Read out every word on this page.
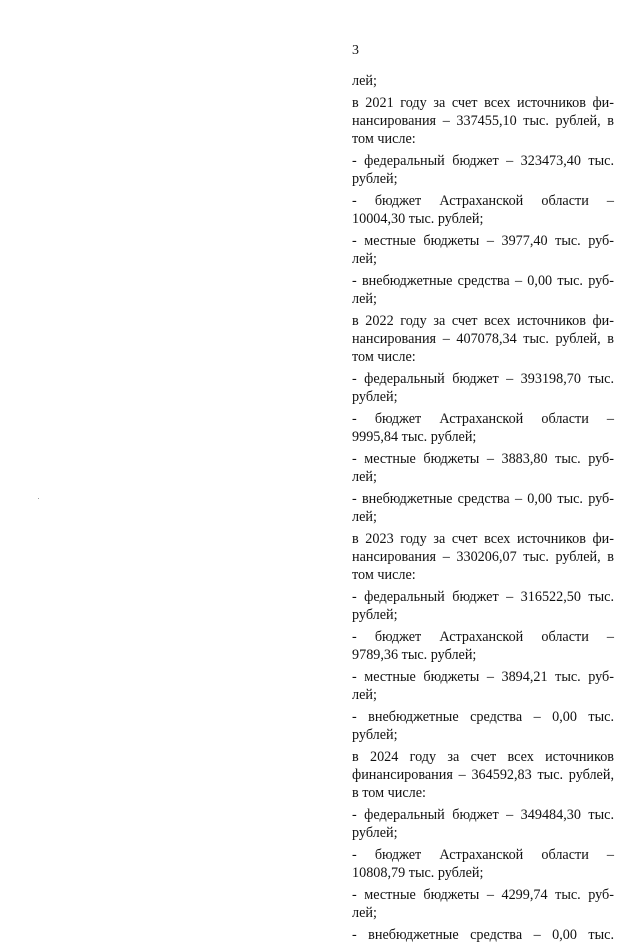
3
лей;
в 2021 году за счет всех источников фи-
нансирования – 337455,10 тыс. рублей, в
том числе:
- федеральный бюджет – 323473,40 тыс.
рублей;
- бюджет Астраханской области –
10004,30 тыс. рублей;
- местные бюджеты – 3977,40 тыс. руб-
лей;
- внебюджетные средства – 0,00 тыс. руб-
лей;
в 2022 году за счет всех источников фи-
нансирования – 407078,34 тыс. рублей, в
том числе:
- федеральный бюджет – 393198,70 тыс.
рублей;
- бюджет Астраханской области –
9995,84 тыс. рублей;
- местные бюджеты – 3883,80 тыс. руб-
лей;
- внебюджетные средства – 0,00 тыс. руб-
лей;
в 2023 году за счет всех источников фи-
нансирования – 330206,07 тыс. рублей, в
том числе:
- федеральный бюджет – 316522,50 тыс.
рублей;
- бюджет Астраханской области –
9789,36 тыс. рублей;
- местные бюджеты – 3894,21 тыс. руб-
лей;
- внебюджетные средства – 0,00 тыс.
рублей;
в 2024 году за счет всех источников
финансирования – 364592,83 тыс. рублей,
в том числе:
- федеральный бюджет – 349484,30 тыс.
рублей;
- бюджет Астраханской области –
10808,79 тыс. рублей;
- местные бюджеты – 4299,74 тыс. руб-
лей;
- внебюджетные средства – 0,00 тыс.
